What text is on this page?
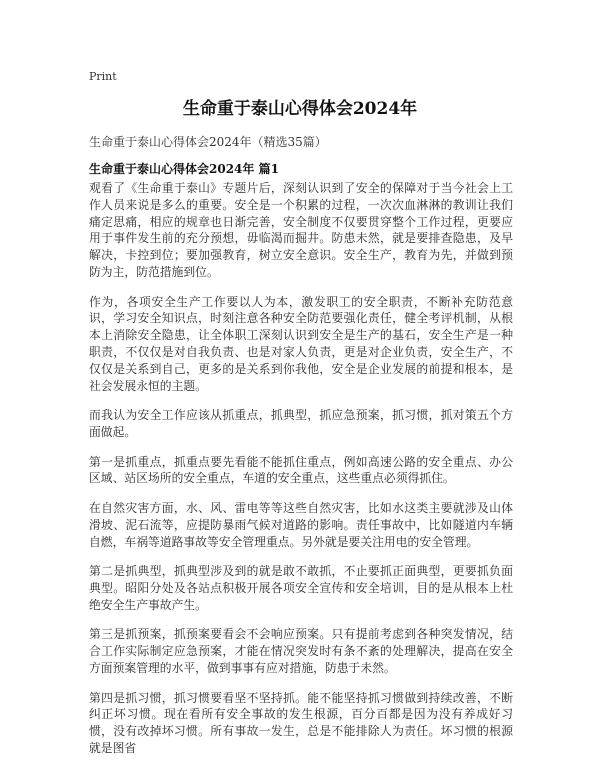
Print
生命重于泰山心得体会2024年

生命重于泰山心得体会2024年（精选35篇）

生命重于泰山心得体会2024年 篇1

观看了《生命重于泰山》专题片后，深刻认识到了安全的保障对于当今社会上工作人员来说是多么的重要。安全是一个积累的过程，一次次血淋淋的教训让我们痛定思痛，相应的规章也日渐完善，安全制度不仅要贯穿整个工作过程，更要应用于事件发生前的充分预想，毋临渴而掘井。防患未然，就是要排查隐患，及早解决，卡控到位；要加强教育，树立安全意识。安全生产，教育为先，并做到预防为主，防范措施到位。

作为，各项安全生产工作要以人为本，激发职工的安全职责，不断补充防范意识，学习安全知识点，时刻注意各种安全防范要强化责任，健全考评机制，从根本上消除安全隐患，让全体职工深刻认识到安全是生产的基石，安全生产是一种职责，不仅仅是对自我负责、也是对家人负责，更是对企业负责，安全生产，不仅仅是关系到自己，更多的是关系到你我他，安全是企业发展的前提和根本，是社会发展永恒的主题。

而我认为安全工作应该从抓重点，抓典型，抓应急预案，抓习惯，抓对策五个方面做起。

第一是抓重点，抓重点要先看能不能抓住重点，例如高速公路的安全重点、办公区域、站区场所的安全重点，车道的安全重点，这些重点必须得抓住。

在自然灾害方面，水、风、雷电等等这些自然灾害，比如水这类主要就涉及山体滑坡、泥石流等，应提防暴雨气候对道路的影响。责任事故中，比如隧道内车辆自燃，车祸等道路事故等安全管理重点。另外就是要关注用电的安全管理。

第二是抓典型，抓典型涉及到的就是敢不敢抓，不止要抓正面典型，更要抓负面典型。昭阳分处及各站点积极开展各项安全宣传和安全培训，目的是从根本上杜绝安全生产事故产生。

第三是抓预案，抓预案要看会不会响应预案。只有提前考虑到各种突发情况，结合工作实际制定应急预案，才能在情况突发时有条不紊的处理解决，提高在安全方面预案管理的水平，做到事事有应对措施，防患于未然。

第四是抓习惯，抓习惯要看坚不坚持抓。能不能坚持抓习惯做到持续改善，不断纠正坏习惯。现在看所有安全事故的发生根源，百分百都是因为没有养成好习惯，没有改掉坏习惯。所有事故一发生，总是不能排除人为责任。坏习惯的根源就是图省
